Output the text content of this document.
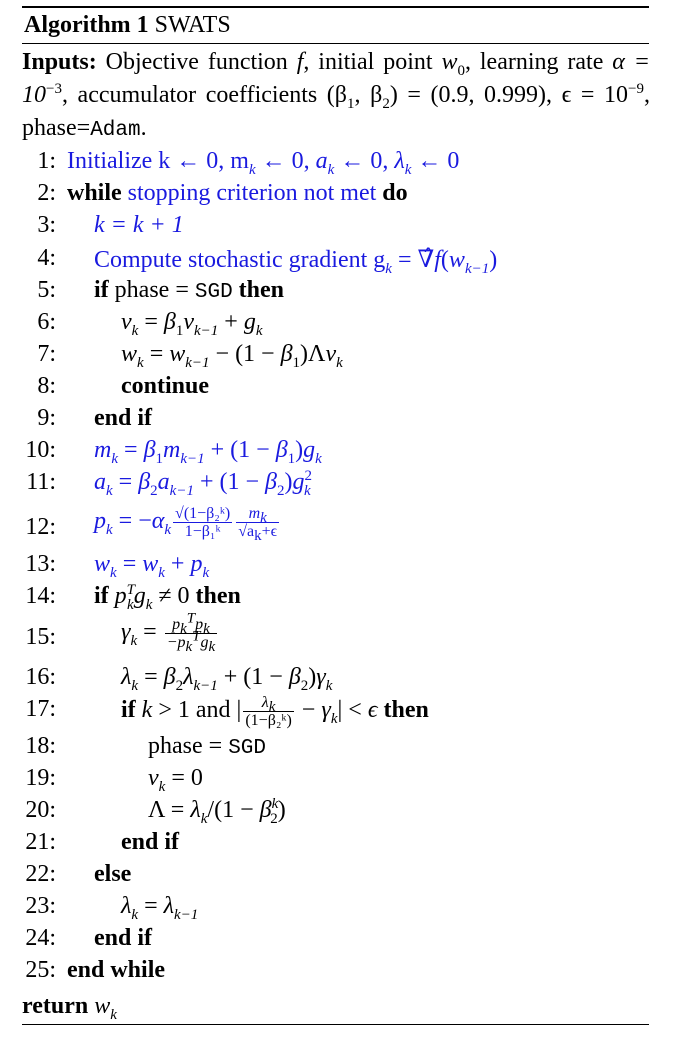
Algorithm 1 SWATS
Inputs: Objective function f, initial point $w_0$, learning rate $\alpha = 10^{-3}$, accumulator coefficients ($\beta_1$, $\beta_2) = (0.9$, 0.999), $\epsilon = 10^{-9}$, phase=Adam.
1:
2:
3:
4:
5:
6:
7:
8:
9:
10:
11:
12:
13:
14:
15:
16:
17:
18:
19:
20:
21:
22:
23:
24:
25:
Initialize k ← 0, $m_k$ ← 0, $a_k$ ← 0, $\lambda_k$ ← 0
while stopping criterion not met do
k = k + 1
Compute stochastic gradient $g_k$ = $\nablâf(w_{k-1})$
if phase = SGD then
$v_k = \beta_1v_{k-1} + g_k$
$w_k = w_{k-1} - (1 - \beta_1)\Lambda v_k$
continue
end if
$m_k = \beta_1m_{k-1} + (1 - \beta_1)g_k$
$a_k = \beta_2a_{k-1} + (1 - \beta_2)g^2_k$
$p_k = -\alpha_k \frac{\text{√(1−β₂ᵏ)}}{\text{1−β₁ᵏ}} \frac{m_k}{√a_k+\epsilon}$
$w_k = w_k + p_k$
if $p^T_kg_k \ne 0$ then
$\gamma_k = \frac{p_k^Tp_k}{-p_k^Tg_k}$
$\lambda_k = \beta_2\lambda_{k-1} + (1 - \beta_2)\gamma_k$
if k > 1 and | $\frac{\lambda_k}{\text{(1−β₂ᵏ)}} - \gamma_k| < \epsilon$ then
phase = SGD
$v_k = 0$
$\Lambda = \lambda_k/(1 - \beta^k_2)$
end if
else
$\lambda_k = \lambda_{k-1}$
end if
end while
return $w_k$
